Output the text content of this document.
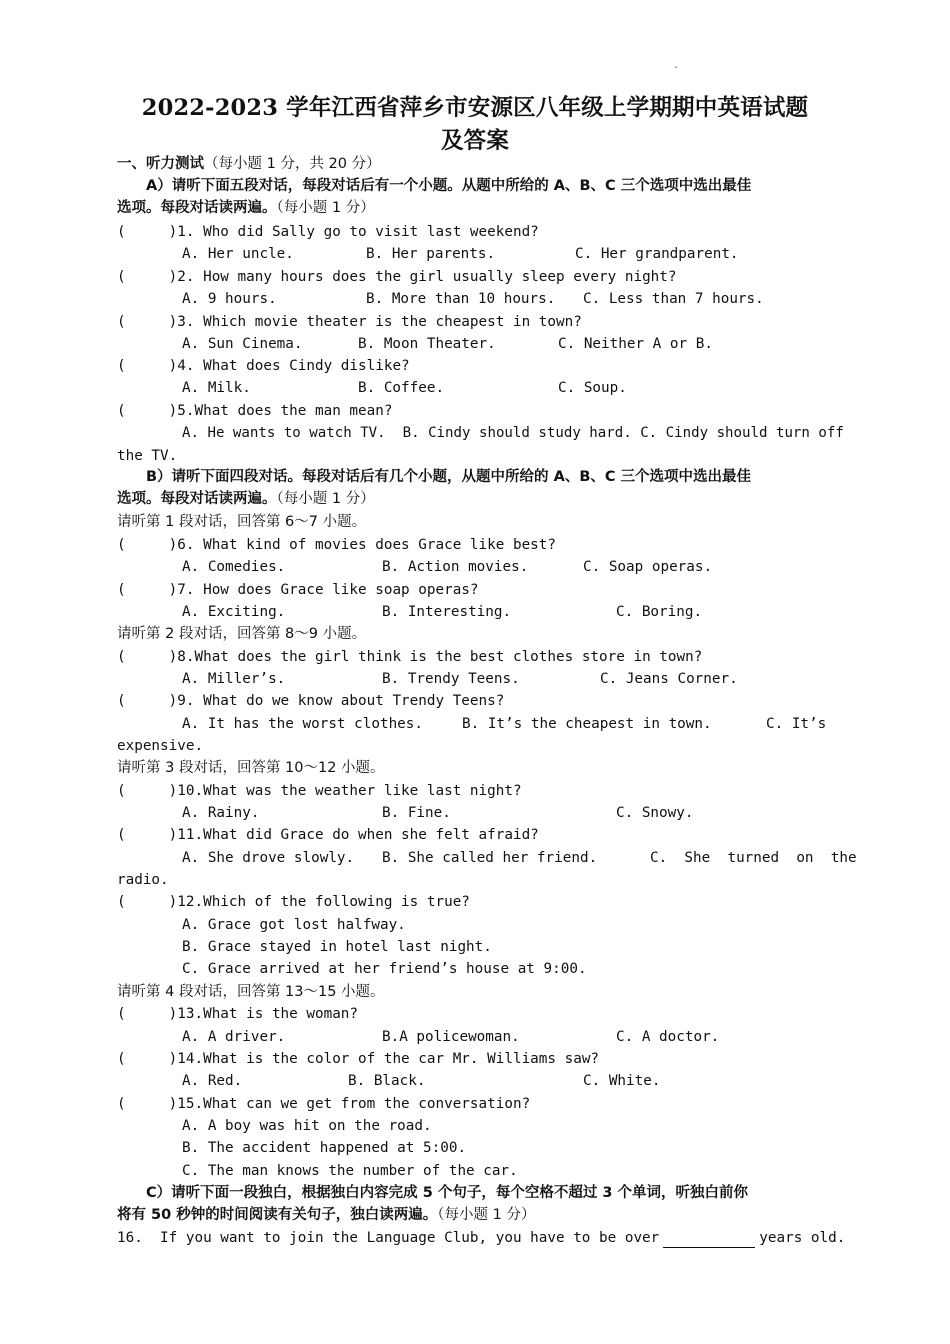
-
2022-2023 学年江西省萍乡市安源区八年级上学期期中英语试题
及答案
一、听力测试（每小题 1 分，共 20 分）
A）请听下面五段对话，每段对话后有一个小题。从题中所给的 A、B、C 三个选项中选出最佳
选项。每段对话读两遍。（每小题 1 分）
(     )1. Who did Sally go to visit last weekend?
A. Her uncle.	B. Her parents.	C. Her grandparent.
(     )2. How many hours does the girl usually sleep every night?
A. 9 hours.	B. More than 10 hours. C. Less than 7 hours.
(     )3. Which movie theater is the cheapest in town?
A. Sun Cinema.	B. Moon Theater.	C. Neither A or B.
(     )4. What does Cindy dislike?
A. Milk.	B. Coffee.	C. Soup.
(     )5.What does the man mean?
A. He wants to watch TV.  B. Cindy should study hard. C. Cindy should turn off
the TV.
B）请听下面四段对话。每段对话后有几个小题，从题中所给的 A、B、C 三个选项中选出最佳
选项。每段对话读两遍。（每小题 1 分）
请听第 1 段对话，回答第 6～7 小题。
(     )6. What kind of movies does Grace like best?
A. Comedies.	B. Action movies.	C. Soap operas.
(     )7. How does Grace like soap operas?
A. Exciting.	B. Interesting.	C. Boring.
请听第 2 段对话，回答第 8～9 小题。
(     )8.What does the girl think is the best clothes store in town?
A. Miller’s.	B. Trendy Teens.	C. Jeans Corner.
(     )9. What do we know about Trendy Teens?
A. It has the worst clothes.	B. It’s the cheapest in town.	C. It’s
expensive.
请听第 3 段对话，回答第 10～12 小题。
(     )10.What was the weather like last night?
A. Rainy.	B. Fine.	C. Snowy.
(     )11.What did Grace do when she felt afraid?
A. She drove slowly. B. She called her friend.	C.  She  turned  on  the
radio.
(     )12.Which of the following is true?
A. Grace got lost halfway.
B. Grace stayed in hotel last night.
C. Grace arrived at her friend’s house at 9:00.
请听第 4 段对话，回答第 13～15 小题。
(     )13.What is the woman?
A. A driver.	B.A policewoman.	C. A doctor.
(     )14.What is the color of the car Mr. Williams saw?
A. Red.	B. Black.	C. White.
(     )15.What can we get from the conversation?
A. A boy was hit on the road.
B. The accident happened at 5:00.
C. The man knows the number of the car.
C）请听下面一段独白，根据独白内容完成 5 个句子，每个空格不超过 3 个单词，听独白前你
将有 50 秒钟的时间阅读有关句子，独白读两遍。（每小题 1 分）
16.  If you want to join the Language Club, you have to be over	years old.
